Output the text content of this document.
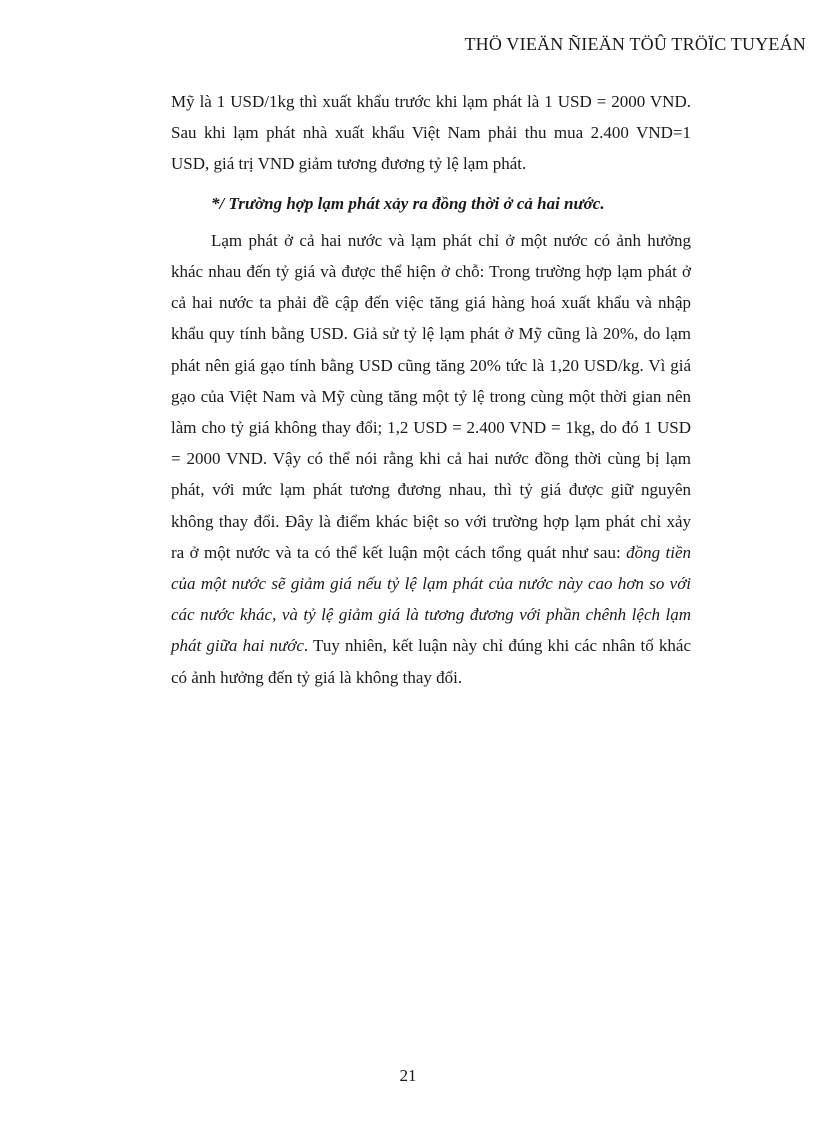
THÖ VIEÄN ÑIEÄN TÖÛ TRÖÏC TUYEÁN

Mỹ là 1 USD/1kg thì xuất khẩu trước khi lạm phát là 1 USD = 2000 VND. Sau khi lạm phát nhà xuất khẩu Việt Nam phải thu mua 2.400 VND=1 USD, giá trị VND giảm tương đương tỷ lệ lạm phát.

*/ Trường hợp lạm phát xảy ra đồng thời ở cả hai nước.

Lạm phát ở cả hai nước và lạm phát chỉ ở một nước có ảnh hưởng khác nhau đến tỷ giá và được thể hiện ở chỗ: Trong trường hợp lạm phát ở cả hai nước ta phải đề cập đến việc tăng giá hàng hoá xuất khẩu và nhập khẩu quy tính bằng USD. Giả sử tỷ lệ lạm phát ở Mỹ cũng là 20%, do lạm phát nên giá gạo tính bằng USD cũng tăng 20% tức là 1,20 USD/kg. Vì giá gạo của Việt Nam và Mỹ cùng tăng một tỷ lệ trong cùng một thời gian nên làm cho tỷ giá không thay đổi; 1,2 USD = 2.400 VND = 1kg, do đó 1 USD = 2000 VND. Vậy có thể nói rằng khi cả hai nước đồng thời cùng bị lạm phát, với mức lạm phát tương đương nhau, thì tỷ giá được giữ nguyên không thay đổi. Đây là điểm khác biệt so với trường hợp lạm phát chỉ xảy ra ở một nước và ta có thể kết luận một cách tổng quát như sau: đồng tiền của một nước sẽ giảm giá nếu tỷ lệ lạm phát của nước này cao hơn so với các nước khác, và tỷ lệ giảm giá là tương đương với phần chênh lệch lạm phát giữa hai nước. Tuy nhiên, kết luận này chỉ đúng khi các nhân tố khác có ảnh hưởng đến tỷ giá là không thay đổi.

21
